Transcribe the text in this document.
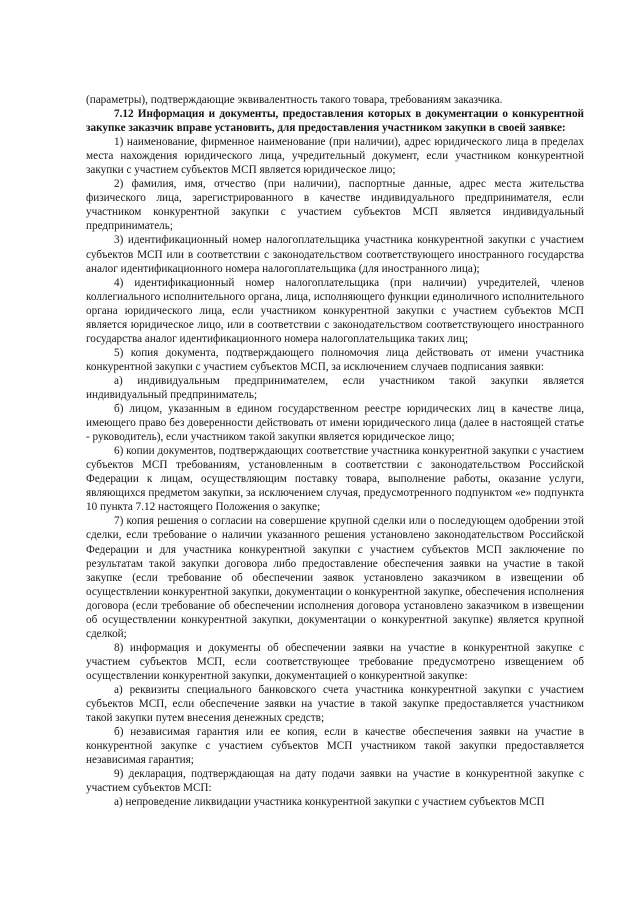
(параметры), подтверждающие эквивалентность такого товара, требованиям заказчика.

7.12 Информация и документы, предоставления которых в документации о конкурентной закупке заказчик вправе установить, для предоставления участником закупки в своей заявке:

1) наименование, фирменное наименование (при наличии), адрес юридического лица в пределах места нахождения юридического лица, учредительный документ, если участником конкурентной закупки с участием субъектов МСП является юридическое лицо;

2) фамилия, имя, отчество (при наличии), паспортные данные, адрес места жительства физического лица, зарегистрированного в качестве индивидуального предпринимателя, если участником конкурентной закупки с участием субъектов МСП является индивидуальный предприниматель;

3) идентификационный номер налогоплательщика участника конкурентной закупки с участием субъектов МСП или в соответствии с законодательством соответствующего иностранного государства аналог идентификационного номера налогоплательщика (для иностранного лица);

4) идентификационный номер налогоплательщика (при наличии) учредителей, членов коллегиального исполнительного органа, лица, исполняющего функции единоличного исполнительного органа юридического лица, если участником конкурентной закупки с участием субъектов МСП является юридическое лицо, или в соответствии с законодательством соответствующего иностранного государства аналог идентификационного номера налогоплательщика таких лиц;

5) копия документа, подтверждающего полномочия лица действовать от имени участника конкурентной закупки с участием субъектов МСП, за исключением случаев подписания заявки:

а) индивидуальным предпринимателем, если участником такой закупки является индивидуальный предприниматель;

б) лицом, указанным в едином государственном реестре юридических лиц в качестве лица, имеющего право без доверенности действовать от имени юридического лица (далее в настоящей статье - руководитель), если участником такой закупки является юридическое лицо;

6) копии документов, подтверждающих соответствие участника конкурентной закупки с участием субъектов МСП требованиям, установленным в соответствии с законодательством Российской Федерации к лицам, осуществляющим поставку товара, выполнение работы, оказание услуги, являющихся предметом закупки, за исключением случая, предусмотренного подпунктом «е» подпункта 10 пункта 7.12 настоящего Положения о закупке;

7) копия решения о согласии на совершение крупной сделки или о последующем одобрении этой сделки, если требование о наличии указанного решения установлено законодательством Российской Федерации и для участника конкурентной закупки с участием субъектов МСП заключение по результатам такой закупки договора либо предоставление обеспечения заявки на участие в такой закупке (если требование об обеспечении заявок установлено заказчиком в извещении об осуществлении конкурентной закупки, документации о конкурентной закупке, обеспечения исполнения договора (если требование об обеспечении исполнения договора установлено заказчиком в извещении об осуществлении конкурентной закупки, документации о конкурентной закупке) является крупной сделкой;

8) информация и документы об обеспечении заявки на участие в конкурентной закупке с участием субъектов МСП, если соответствующее требование предусмотрено извещением об осуществлении конкурентной закупки, документацией о конкурентной закупке:

а) реквизиты специального банковского счета участника конкурентной закупки с участием субъектов МСП, если обеспечение заявки на участие в такой закупке предоставляется участником такой закупки путем внесения денежных средств;

б) независимая гарантия или ее копия, если в качестве обеспечения заявки на участие в конкурентной закупке с участием субъектов МСП участником такой закупки предоставляется независимая гарантия;

9) декларация, подтверждающая на дату подачи заявки на участие в конкурентной закупке с участием субъектов МСП:

а) непроведение ликвидации участника конкурентной закупки с участием субъектов МСП
